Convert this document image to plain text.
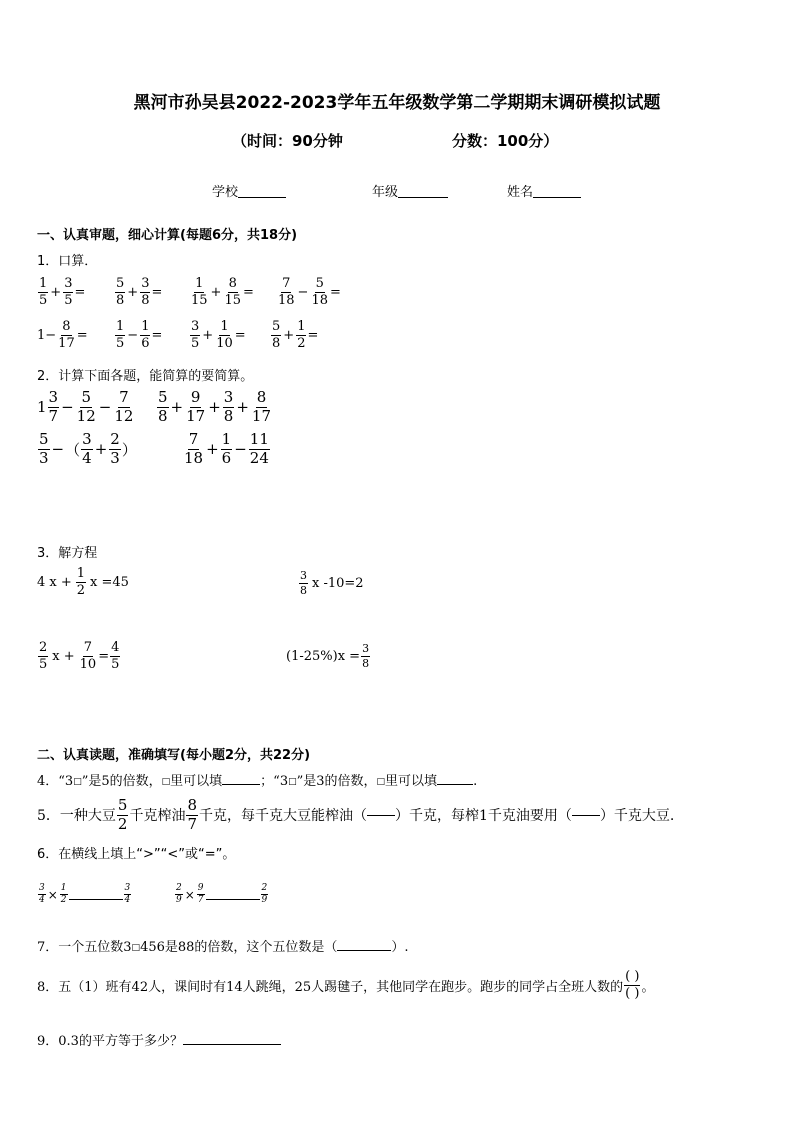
黑河市孙吴县2022-2023学年五年级数学第二学期期末调研模拟试题
（时间：90分钟	分数：100分）
学校	年级	姓名
一、认真审题，细心计算(每题6分，共18分)
1．口算．
$\frac{1}{5} + \frac{3}{5} = \frac{5}{8} + \frac{3}{8} = \frac{1}{15} + \frac{8}{15} = \frac{7}{18} - \frac{5}{18}$ =
$1- \frac{8}{17} = \frac{1}{5} - \frac{1}{6} = \frac{3}{5} + \frac{1}{10} = \frac{5}{8} + \frac{1}{2}$ =
2．计算下面各题，能简算的要简算。
$1 \frac{3}{7} - \frac{5}{12} - \frac{7}{12} \frac{5}{8} + \frac{9}{17} + \frac{3}{8} + \frac{8}{17}$
$\frac{5}{3}$ − （ $\frac{3}{4} + \frac{2}{3}$ ）	$\frac{7}{18} + \frac{1}{6} - \frac{11}{24}$
3．解方程
4 $x + \frac{1}{2}$ x =45	$\frac{3}{8}$ x -10=2
$\frac{2}{5}$ $x + \frac{7}{10} = \frac{4}{5}$	$(1-25\%)x = \frac{3}{8}$
二、认真读题，准确填写(每小题2分，共22分)
4．“3□”是5的倍数，□里可以填	；“3□”是3的倍数，□里可以填	.
5．一种大豆 $\frac{5}{2}$ 千克榨油 $\frac{8}{7}$ 千克，每千克大豆能榨油（ ）千克，每榨1千克油要用（ ）千克大豆.
6．在横线上填上“>”“<”或“=”。
$\frac{3}{4} \times \frac{1}{2}$	$\frac{3}{4}$	$\frac{2}{9} \times \frac{9}{7}$	$\frac{2}{9}$
7．一个五位数3□456是88的倍数，这个五位数是（	）.
8．五（1）班有42人，课间时有14人跳绳，25人踢毽子，其他同学在跑步。跑步的同学占全班人数的 $\frac{( )}{( )}$ 。
9．0.3的平方等于多少？
